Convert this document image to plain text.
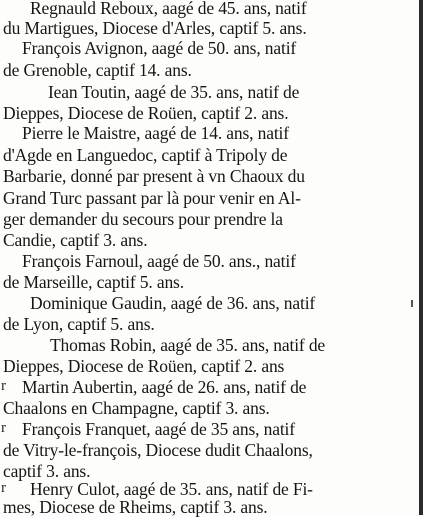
Regnauld Reboux, aagé de 45. ans, natif
du Martigues, Diocese d'Arles, captif 5. ans.
François Avignon, aagé de 50. ans, natif
de Grenoble, captif 14. ans.
Iean Toutin, aagé de 35. ans, natif de
Dieppes, Diocese de Roüen, captif 2. ans.
Pierre le Maistre, aagé de 14. ans, natif
d'Agde en Languedoc, captif à Tripoly de
Barbarie, donné par present à vn Chaoux du
Grand Turc passant par là pour venir en Al-
ger demander du secours pour prendre la
Candie, captif 3. ans.
François Farnoul, aagé de 50. ans., natif
de Marseille, captif 5. ans.
Dominique Gaudin, aagé de 36. ans, natif
de Lyon, captif 5. ans.
Thomas Robin, aagé de 35. ans, natif de
Dieppes, Diocese de Roüen, captif 2. ans
Martin Aubertin, aagé de 26. ans, natif de
Chaalons en Champagne, captif 3. ans.
François Franquet, aagé de 35 ans, natif
de Vitry-le-françois, Diocese dudit Chaalons,
captif 3. ans.
Henry Culot, aagé de 35. ans, natif de Fi-
mes, Diocese de Rheims, captif 3. ans.
r
r
r
